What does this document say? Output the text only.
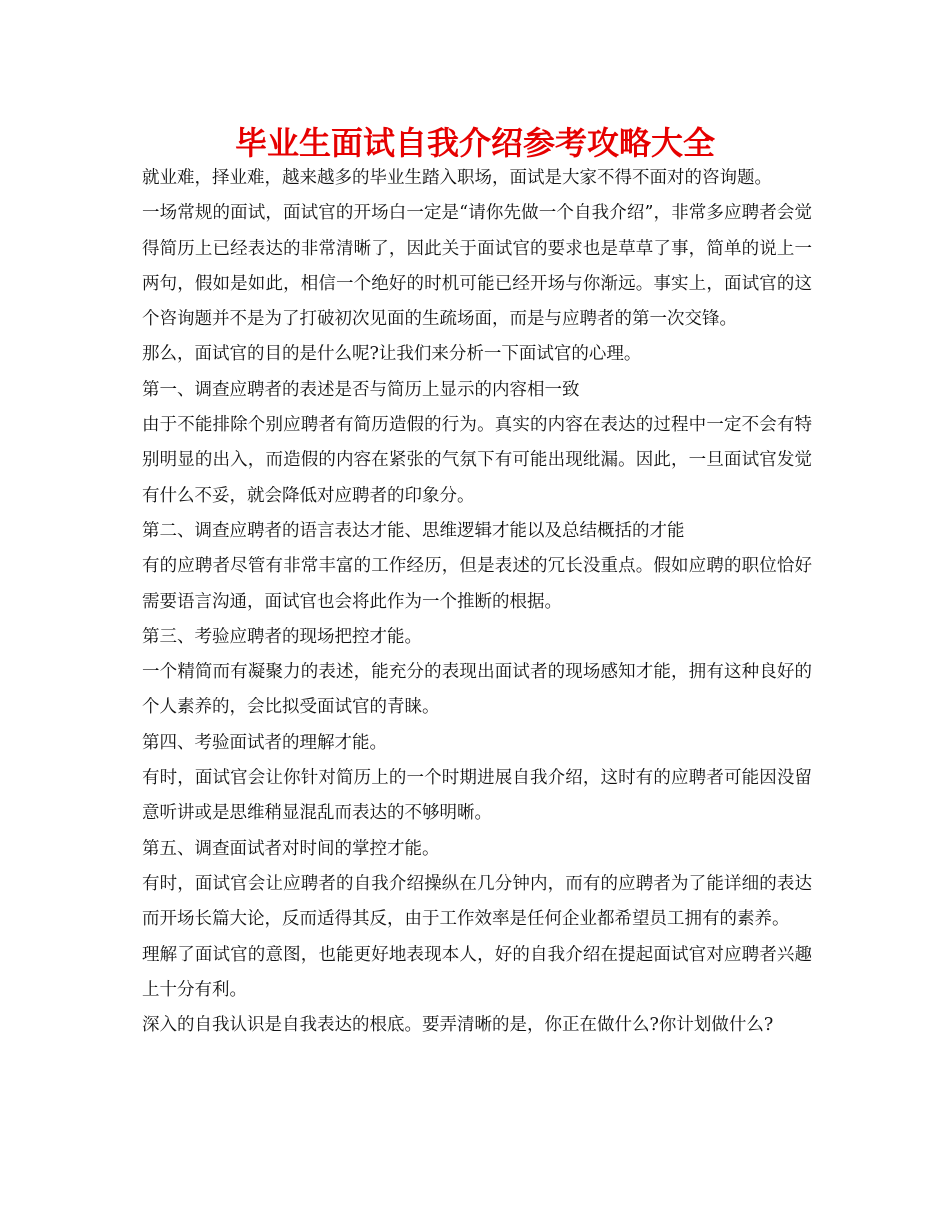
毕业生面试自我介绍参考攻略大全

就业难，择业难，越来越多的毕业生踏入职场，面试是大家不得不面对的咨询题。

一场常规的面试，面试官的开场白一定是“请你先做一个自我介绍”，非常多应聘者会觉得简历上已经表达的非常清晰了，因此关于面试官的要求也是草草了事，简单的说上一两句，假如是如此，相信一个绝好的时机可能已经开场与你渐远。事实上，面试官的这个咨询题并不是为了打破初次见面的生疏场面，而是与应聘者的第一次交锋。

那么，面试官的目的是什么呢?让我们来分析一下面试官的心理。

第一、调查应聘者的表述是否与简历上显示的内容相一致

由于不能排除个别应聘者有简历造假的行为。真实的内容在表达的过程中一定不会有特别明显的出入，而造假的内容在紧张的气氛下有可能出现纰漏。因此，一旦面试官发觉有什么不妥，就会降低对应聘者的印象分。

第二、调查应聘者的语言表达才能、思维逻辑才能以及总结概括的才能

有的应聘者尽管有非常丰富的工作经历，但是表述的冗长没重点。假如应聘的职位恰好需要语言沟通，面试官也会将此作为一个推断的根据。

第三、考验应聘者的现场把控才能。

一个精简而有凝聚力的表述，能充分的表现出面试者的现场感知才能，拥有这种良好的个人素养的，会比拟受面试官的青睐。

第四、考验面试者的理解才能。

有时，面试官会让你针对简历上的一个时期进展自我介绍，这时有的应聘者可能因没留意听讲或是思维稍显混乱而表达的不够明晰。

第五、调查面试者对时间的掌控才能。

有时，面试官会让应聘者的自我介绍操纵在几分钟内，而有的应聘者为了能详细的表达而开场长篇大论，反而适得其反，由于工作效率是任何企业都希望员工拥有的素养。

理解了面试官的意图，也能更好地表现本人，好的自我介绍在提起面试官对应聘者兴趣上十分有利。

深入的自我认识是自我表达的根底。要弄清晰的是，你正在做什么?你计划做什么?
